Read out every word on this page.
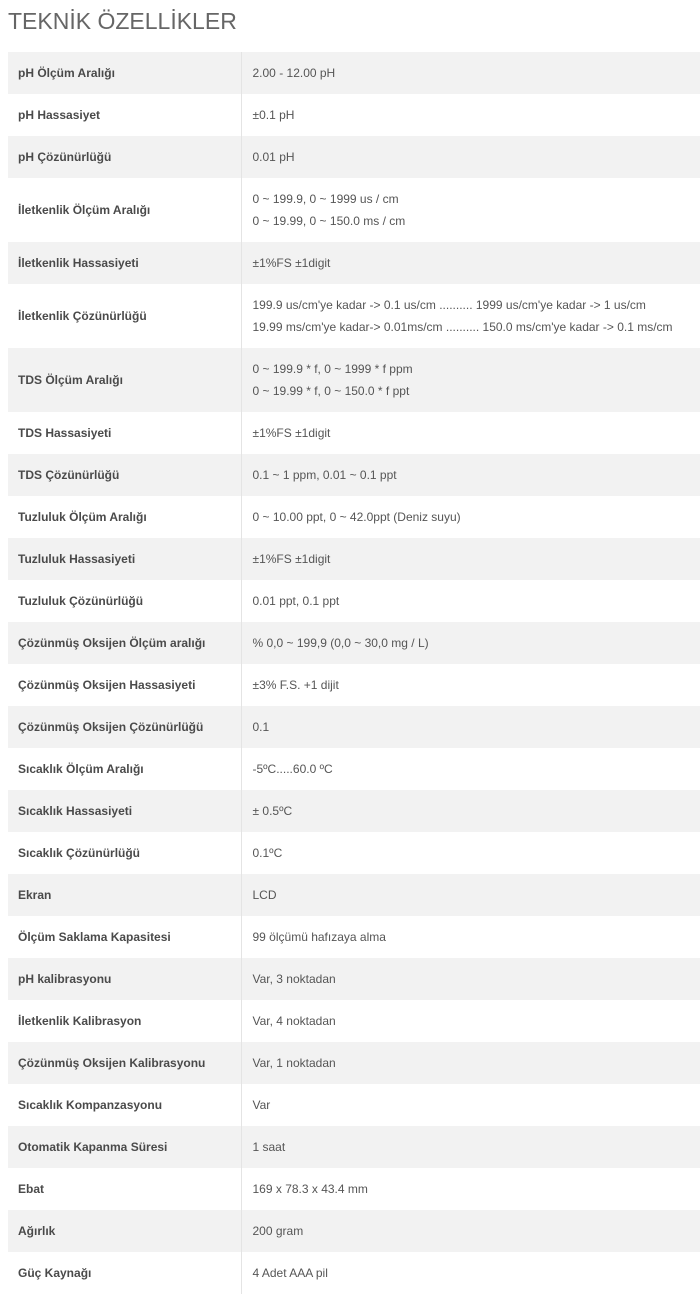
TEKNİK ÖZELLİKLER
pH Ölçüm Aralığı	2.00 - 12.00 pH

pH Hassasiyet	±0.1 pH

pH Çözünürlüğü	0.01 pH

İletkenlik Ölçüm Aralığı	0 ~ 199.9, 0 ~ 1999 us / cm
0 ~ 19.99, 0 ~ 150.0 ms / cm

İletkenlik Hassasiyeti	±1%FS ±1digit

İletkenlik Çözünürlüğü	199.9 us/cm'ye kadar -> 0.1 us/cm .......... 1999 us/cm'ye kadar -> 1 us/cm
19.99 ms/cm'ye kadar-> 0.01ms/cm .......... 150.0 ms/cm'ye kadar -> 0.1 ms/cm

TDS Ölçüm Aralığı	0 ~ 199.9 * f, 0 ~ 1999 * f ppm
0 ~ 19.99 * f, 0 ~ 150.0 * f ppt

TDS Hassasiyeti	±1%FS ±1digit

TDS Çözünürlüğü	0.1 ~ 1 ppm, 0.01 ~ 0.1 ppt

Tuzluluk Ölçüm Aralığı	0 ~ 10.00 ppt, 0 ~ 42.0ppt (Deniz suyu)

Tuzluluk Hassasiyeti	±1%FS ±1digit

Tuzluluk Çözünürlüğü	0.01 ppt, 0.1 ppt

Çözünmüş Oksijen Ölçüm aralığı	% 0,0 ~ 199,9 (0,0 ~ 30,0 mg / L)

Çözünmüş Oksijen Hassasiyeti	±3% F.S. +1 dijit

Çözünmüş Oksijen Çözünürlüğü	0.1

Sıcaklık Ölçüm Aralığı	-5ºC.....60.0 ºC

Sıcaklık Hassasiyeti	± 0.5ºC

Sıcaklık Çözünürlüğü	0.1ºC

Ekran	LCD

Ölçüm Saklama Kapasitesi	99 ölçümü hafızaya alma

pH kalibrasyonu	Var, 3 noktadan

İletkenlik Kalibrasyon	Var, 4 noktadan

Çözünmüş Oksijen Kalibrasyonu	Var, 1 noktadan

Sıcaklık Kompanzasyonu	Var

Otomatik Kapanma Süresi	1 saat

Ebat	169 x 78.3 x 43.4 mm

Ağırlık	200 gram

Güç Kaynağı	4 Adet AAA pil
